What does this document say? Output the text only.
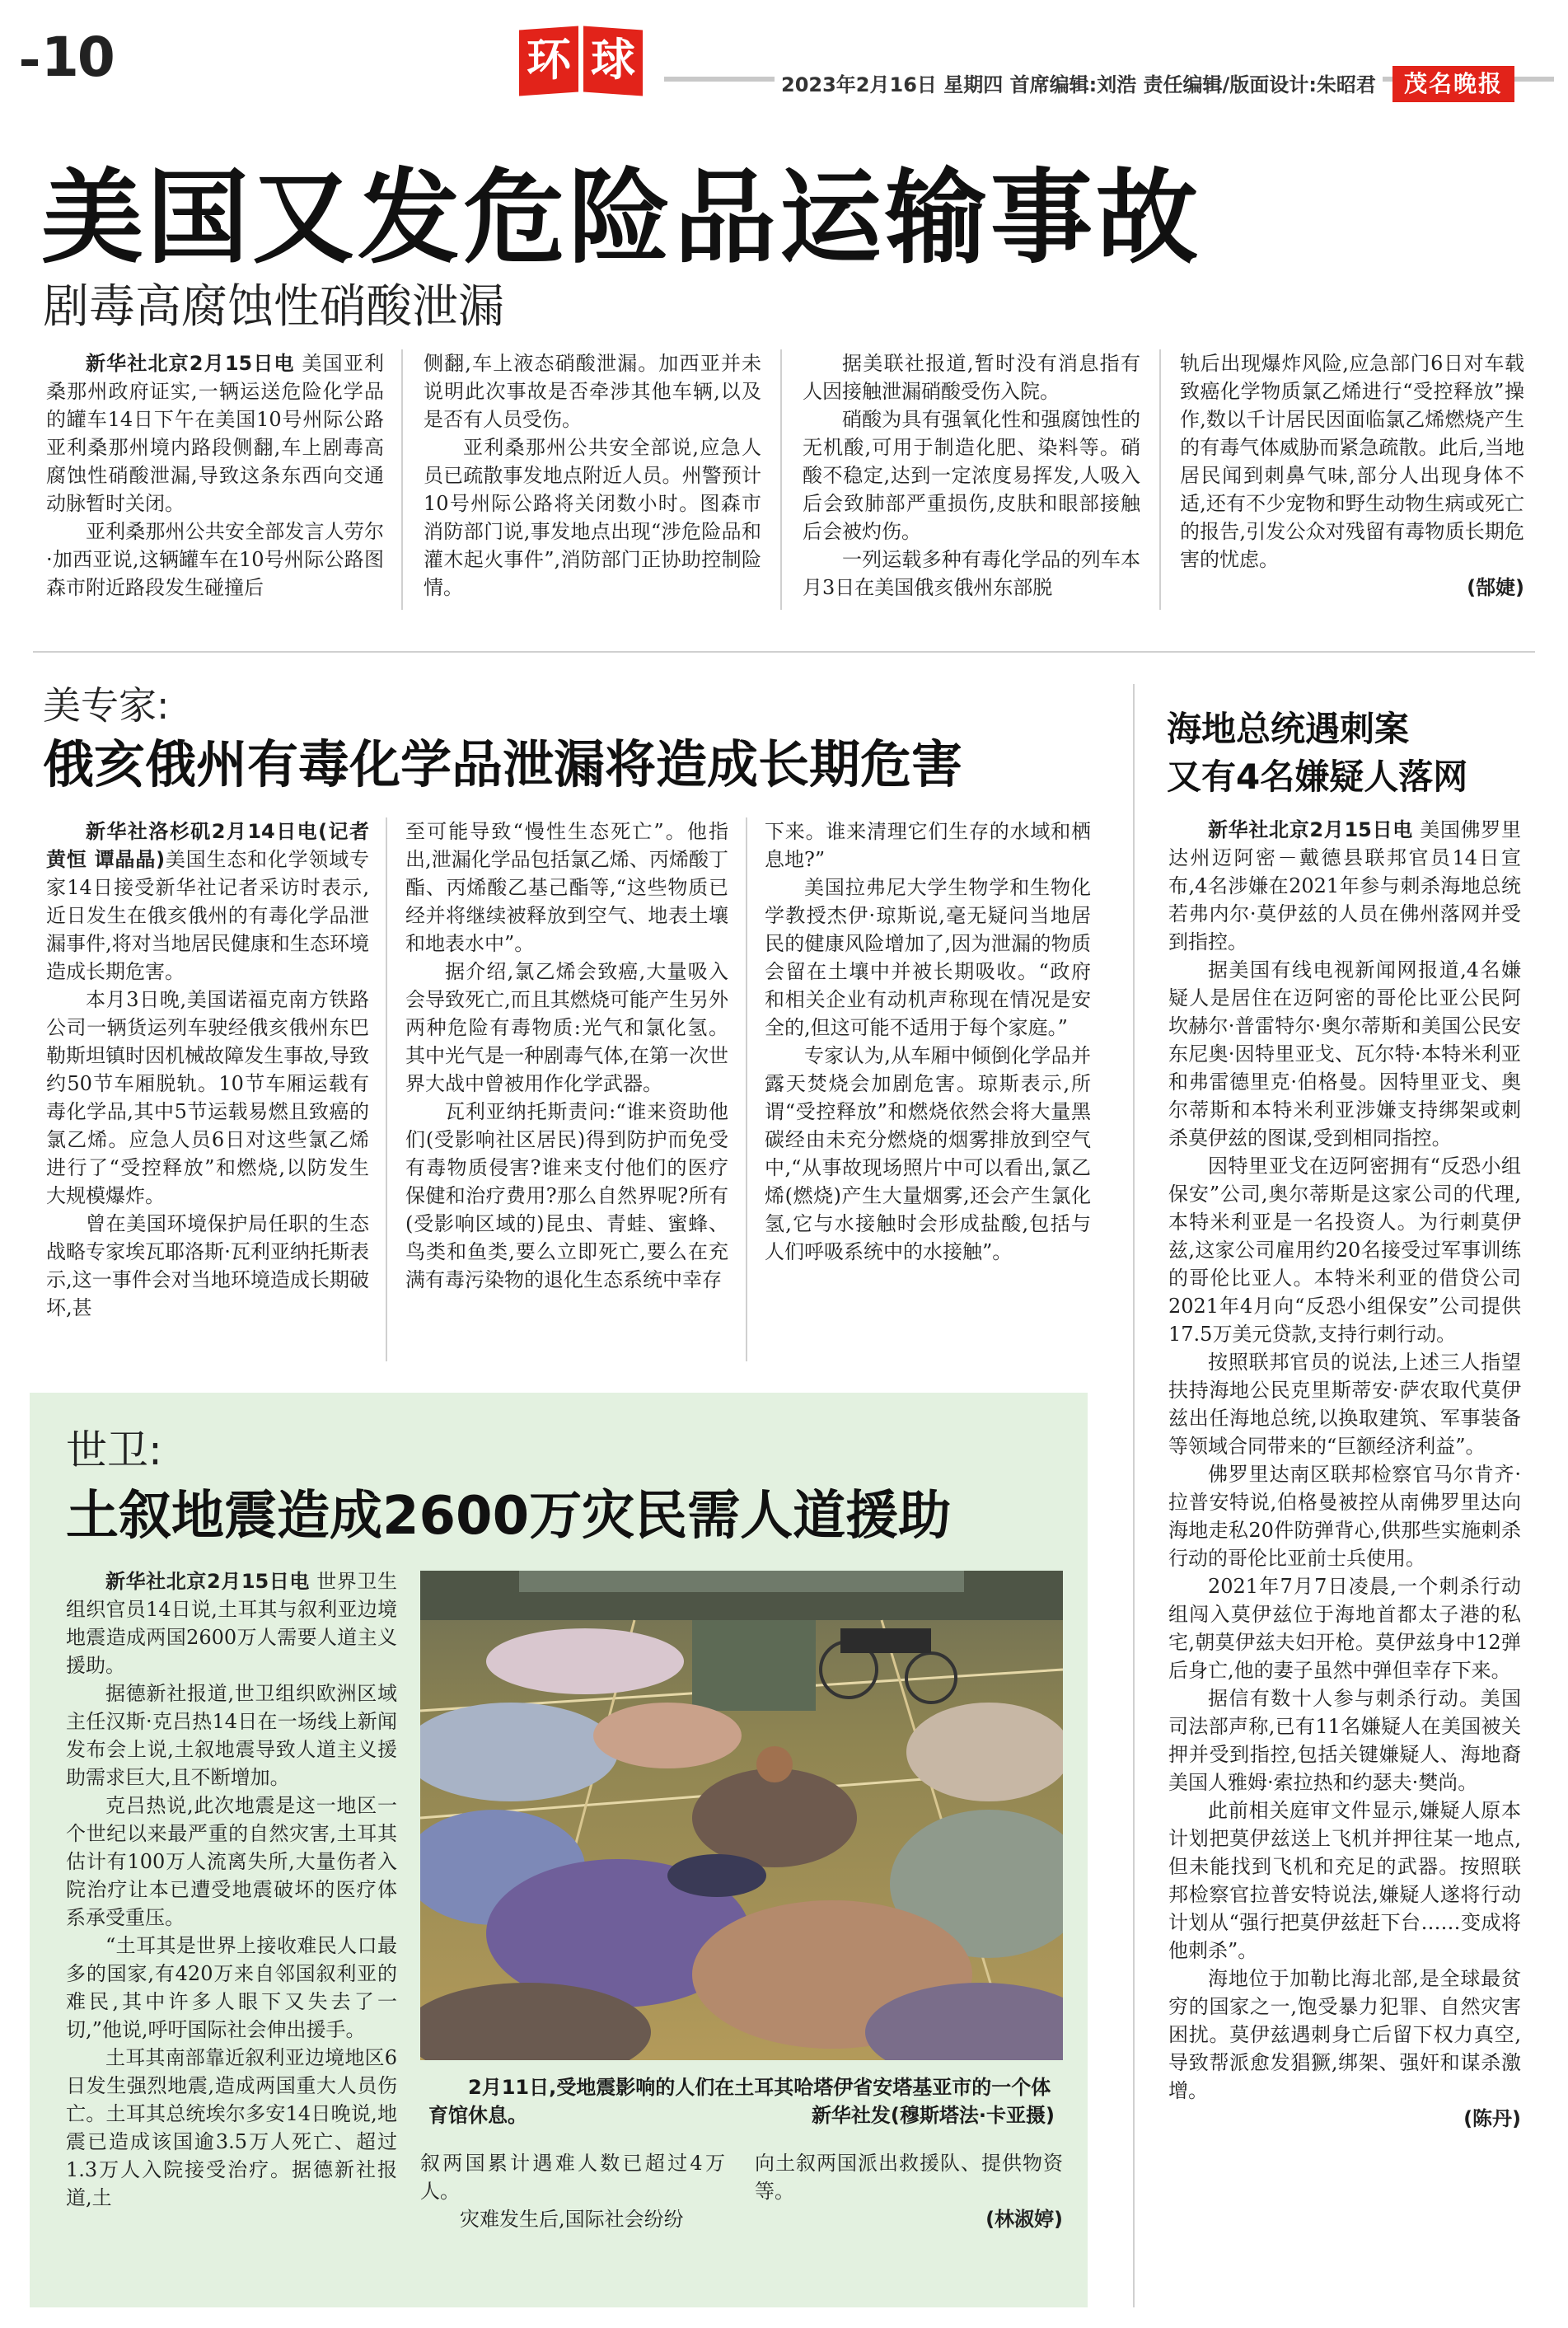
10	环 球	2023年2月16日 星期四 首席编辑:刘浩 责任编辑/版面设计:朱昭君	茂名晚报
美国又发危险品运输事故
剧毒高腐蚀性硝酸泄漏

新华社北京2月15日电 美国亚利桑那州政府证实,一辆运送危险化学品的罐车14日下午在美国10号州际公路亚利桑那州境内路段侧翻,车上剧毒高腐蚀性硝酸泄漏,导致这条东西向交通动脉暂时关闭。

亚利桑那州公共安全部发言人劳尔·加西亚说,这辆罐车在10号州际公路图森市附近路段发生碰撞后

侧翻,车上液态硝酸泄漏。加西亚并未说明此次事故是否牵涉其他车辆,以及是否有人员受伤。

亚利桑那州公共安全部说,应急人员已疏散事发地点附近人员。州警预计10号州际公路将关闭数小时。图森市消防部门说,事发地点出现“涉危险品和灌木起火事件”,消防部门正协助控制险情。

据美联社报道,暂时没有消息指有人因接触泄漏硝酸受伤入院。

硝酸为具有强氧化性和强腐蚀性的无机酸,可用于制造化肥、染料等。硝酸不稳定,达到一定浓度易挥发,人吸入后会致肺部严重损伤,皮肤和眼部接触后会被灼伤。

一列运载多种有毒化学品的列车本月3日在美国俄亥俄州东部脱

轨后出现爆炸风险,应急部门6日对车载致癌化学物质氯乙烯进行“受控释放”操作,数以千计居民因面临氯乙烯燃烧产生的有毒气体威胁而紧急疏散。此后,当地居民闻到刺鼻气味,部分人出现身体不适,还有不少宠物和野生动物生病或死亡的报告,引发公众对残留有毒物质长期危害的忧虑。

(郜婕)

美专家:
俄亥俄州有毒化学品泄漏将造成长期危害

新华社洛杉矶2月14日电(记者黄恒 谭晶晶)美国生态和化学领域专家14日接受新华社记者采访时表示,近日发生在俄亥俄州的有毒化学品泄漏事件,将对当地居民健康和生态环境造成长期危害。

本月3日晚,美国诺福克南方铁路公司一辆货运列车驶经俄亥俄州东巴勒斯坦镇时因机械故障发生事故,导致约50节车厢脱轨。10节车厢运载有毒化学品,其中5节运载易燃且致癌的氯乙烯。应急人员6日对这些氯乙烯进行了“受控释放”和燃烧,以防发生大规模爆炸。

曾在美国环境保护局任职的生态战略专家埃瓦耶洛斯·瓦利亚纳托斯表示,这一事件会对当地环境造成长期破坏,甚

至可能导致“慢性生态死亡”。他指出,泄漏化学品包括氯乙烯、丙烯酸丁酯、丙烯酸乙基己酯等,“这些物质已经并将继续被释放到空气、地表土壤和地表水中”。

据介绍,氯乙烯会致癌,大量吸入会导致死亡,而且其燃烧可能产生另外两种危险有毒物质:光气和氯化氢。其中光气是一种剧毒气体,在第一次世界大战中曾被用作化学武器。

瓦利亚纳托斯责问:“谁来资助他们(受影响社区居民)得到防护而免受有毒物质侵害?谁来支付他们的医疗保健和治疗费用?那么自然界呢?所有(受影响区域的)昆虫、青蛙、蜜蜂、鸟类和鱼类,要么立即死亡,要么在充满有毒污染物的退化生态系统中幸存

下来。谁来清理它们生存的水域和栖息地?”

美国拉弗尼大学生物学和生物化学教授杰伊·琼斯说,毫无疑问当地居民的健康风险增加了,因为泄漏的物质会留在土壤中并被长期吸收。“政府和相关企业有动机声称现在情况是安全的,但这可能不适用于每个家庭。”

专家认为,从车厢中倾倒化学品并露天焚烧会加剧危害。琼斯表示,所谓“受控释放”和燃烧依然会将大量黑碳经由未充分燃烧的烟雾排放到空气中,“从事故现场照片中可以看出,氯乙烯(燃烧)产生大量烟雾,还会产生氯化氢,它与水接触时会形成盐酸,包括与人们呼吸系统中的水接触”。

海地总统遇刺案
又有4名嫌疑人落网

新华社北京2月15日电 美国佛罗里达州迈阿密－戴德县联邦官员14日宣布,4名涉嫌在2021年参与刺杀海地总统若弗内尔·莫伊兹的人员在佛州落网并受到指控。

据美国有线电视新闻网报道,4名嫌疑人是居住在迈阿密的哥伦比亚公民阿坎赫尔·普雷特尔·奥尔蒂斯和美国公民安东尼奥·因特里亚戈、瓦尔特·本特米利亚和弗雷德里克·伯格曼。因特里亚戈、奥尔蒂斯和本特米利亚涉嫌支持绑架或刺杀莫伊兹的图谋,受到相同指控。

因特里亚戈在迈阿密拥有“反恐小组保安”公司,奥尔蒂斯是这家公司的代理,本特米利亚是一名投资人。为行刺莫伊兹,这家公司雇用约20名接受过军事训练的哥伦比亚人。本特米利亚的借贷公司2021年4月向“反恐小组保安”公司提供17.5万美元贷款,支持行刺行动。

按照联邦官员的说法,上述三人指望扶持海地公民克里斯蒂安·萨农取代莫伊兹出任海地总统,以换取建筑、军事装备等领域合同带来的“巨额经济利益”。

佛罗里达南区联邦检察官马尔肯齐·拉普安特说,伯格曼被控从南佛罗里达向海地走私20件防弹背心,供那些实施刺杀行动的哥伦比亚前士兵使用。

2021年7月7日凌晨,一个刺杀行动组闯入莫伊兹位于海地首都太子港的私宅,朝莫伊兹夫妇开枪。莫伊兹身中12弹后身亡,他的妻子虽然中弹但幸存下来。

据信有数十人参与刺杀行动。美国司法部声称,已有11名嫌疑人在美国被关押并受到指控,包括关键嫌疑人、海地裔美国人雅姆·索拉热和约瑟夫·樊尚。

此前相关庭审文件显示,嫌疑人原本计划把莫伊兹送上飞机并押往某一地点,但未能找到飞机和充足的武器。按照联邦检察官拉普安特说法,嫌疑人遂将行动计划从“强行把莫伊兹赶下台……变成将他刺杀”。

海地位于加勒比海北部,是全球最贫穷的国家之一,饱受暴力犯罪、自然灾害困扰。莫伊兹遇刺身亡后留下权力真空,导致帮派愈发猖獗,绑架、强奸和谋杀激增。

(陈丹)

世卫:
土叙地震造成2600万灾民需人道援助

新华社北京2月15日电 世界卫生组织官员14日说,土耳其与叙利亚边境地震造成两国2600万人需要人道主义援助。

据德新社报道,世卫组织欧洲区域主任汉斯·克吕热14日在一场线上新闻发布会上说,土叙地震导致人道主义援助需求巨大,且不断增加。

克吕热说,此次地震是这一地区一个世纪以来最严重的自然灾害,土耳其估计有100万人流离失所,大量伤者入院治疗让本已遭受地震破坏的医疗体系承受重压。

“土耳其是世界上接收难民人口最多的国家,有420万来自邻国叙利亚的难民,其中许多人眼下又失去了一切,”他说,呼吁国际社会伸出援手。

土耳其南部靠近叙利亚边境地区6日发生强烈地震,造成两国重大人员伤亡。土耳其总统埃尔多安14日晚说,地震已造成该国逾3.5万人死亡、超过1.3万人入院接受治疗。据德新社报道,土

2月11日,受地震影响的人们在土耳其哈塔伊省安塔基亚市的一个体育馆休息。	新华社发(穆斯塔法·卡亚摄)

叙两国累计遇难人数已超过4万人。

灾难发生后,国际社会纷纷

向土叙两国派出救援队、提供物资等。

(林淑婷)
